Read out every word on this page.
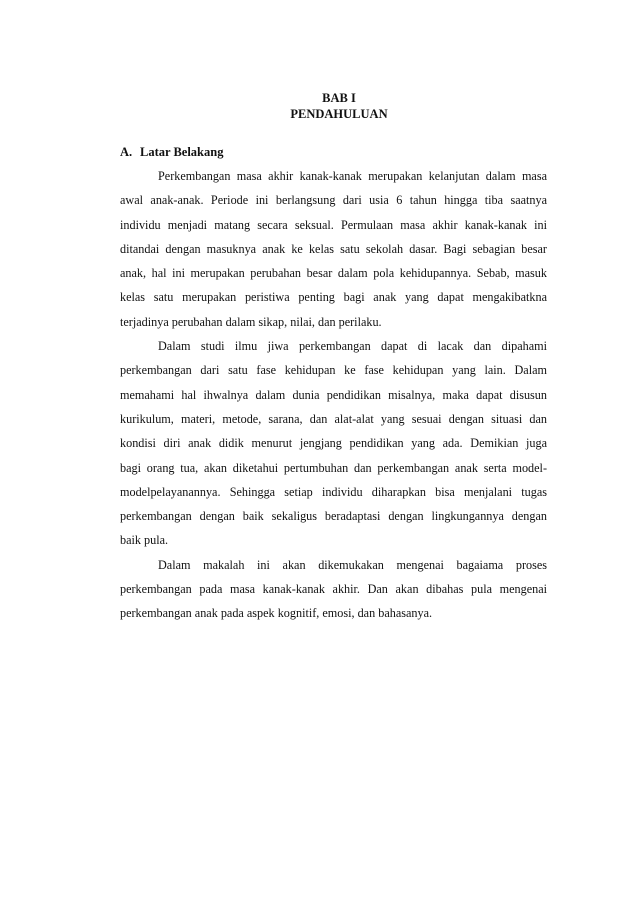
BAB I
PENDAHULUAN
A. Latar Belakang
Perkembangan masa akhir kanak-kanak merupakan kelanjutan dalam masa
awal anak-anak. Periode ini berlangsung dari usia 6 tahun hingga tiba saatnya
individu menjadi matang secara seksual. Permulaan masa akhir kanak-kanak ini
ditandai dengan masuknya anak ke kelas satu sekolah dasar. Bagi sebagian besar
anak, hal ini merupakan perubahan besar dalam pola kehidupannya. Sebab, masuk
kelas satu merupakan peristiwa penting bagi anak yang dapat mengakibatkna
terjadinya perubahan dalam sikap, nilai, dan perilaku.
Dalam studi ilmu jiwa perkembangan dapat di lacak dan dipahami
perkembangan dari satu fase kehidupan ke fase kehidupan yang lain. Dalam
memahami hal ihwalnya dalam dunia pendidikan misalnya, maka dapat disusun
kurikulum, materi, metode, sarana, dan alat-alat yang sesuai dengan situasi dan
kondisi diri anak didik menurut jengjang pendidikan yang ada. Demikian juga
bagi orang tua, akan diketahui pertumbuhan dan perkembangan anak serta model-
modelpelayanannya. Sehingga setiap individu diharapkan bisa menjalani tugas
perkembangan dengan baik sekaligus beradaptasi dengan lingkungannya dengan
baik pula.
Dalam makalah ini akan dikemukakan mengenai bagaiama proses
perkembangan pada masa kanak-kanak akhir. Dan akan dibahas pula mengenai
perkembangan anak pada aspek kognitif, emosi, dan bahasanya.
